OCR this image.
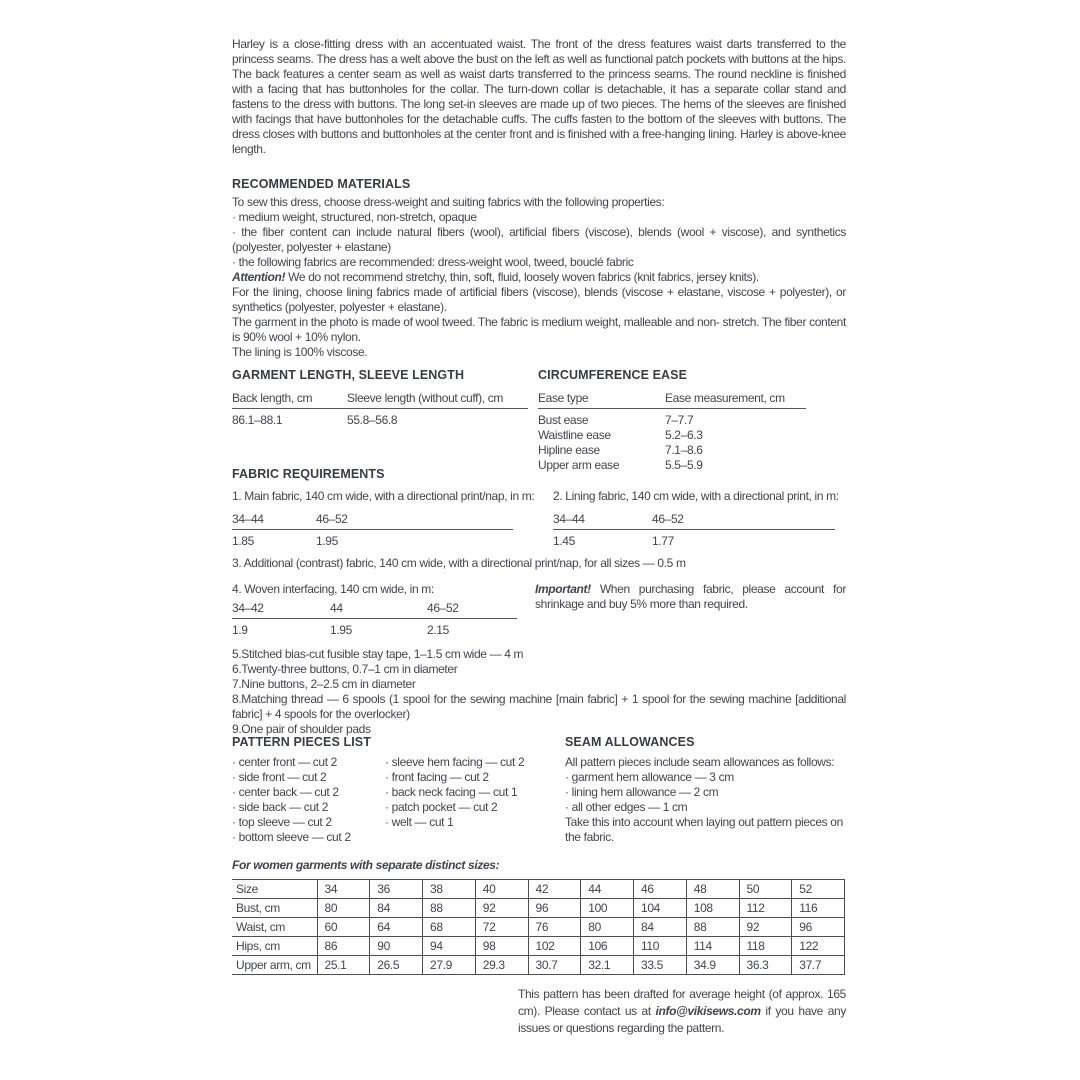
Harley is a close-fitting dress with an accentuated waist. The front of the dress features waist darts transferred to the princess seams. The dress has a welt above the bust on the left as well as functional patch pockets with buttons at the hips. The back features a center seam as well as waist darts transferred to the princess seams. The round neckline is finished with a facing that has buttonholes for the collar. The turn-down collar is detachable, it has a separate collar stand and fastens to the dress with buttons. The long set-in sleeves are made up of two pieces. The hems of the sleeves are finished with facings that have buttonholes for the detachable cuffs. The cuffs fasten to the bottom of the sleeves with buttons. The dress closes with buttons and buttonholes at the center front and is finished with a free-hanging lining. Harley is above-knee length.

RECOMMENDED MATERIALS

To sew this dress, choose dress-weight and suiting fabrics with the following properties:

· medium weight, structured, non-stretch, opaque

· the fiber content can include natural fibers (wool), artificial fibers (viscose), blends (wool + viscose), and synthetics (polyester, polyester + elastane)

· the following fabrics are recommended: dress-weight wool, tweed, bouclé fabric

Attention! We do not recommend stretchy, thin, soft, fluid, loosely woven fabrics (knit fabrics, jersey knits).

For the lining, choose lining fabrics made of artificial fibers (viscose), blends (viscose + elastane, viscose + polyester), or synthetics (polyester, polyester + elastane).

The garment in the photo is made of wool tweed. The fabric is medium weight, malleable and non- stretch. The fiber content is 90% wool + 10% nylon.

The lining is 100% viscose.

GARMENT LENGTH, SLEEVE LENGTH

Back length, cm	Sleeve length (without cuff), cm
86.1–88.1	55.8–56.8

CIRCUMFERENCE EASE

Ease type	Ease measurement, cm
Bust ease	7–7.7
Waistline ease	5.2–6.3
Hipline ease	7.1–8.6
Upper arm ease	5.5–5.9

FABRIC REQUIREMENTS

1. Main fabric, 140 cm wide, with a directional print/nap, in m:

34–44	46–52
1.85	1.95

2. Lining fabric, 140 cm wide, with a directional print, in m:

34–44	46–52
1.45	1.77

3. Additional (contrast) fabric, 140 cm wide, with a directional print/nap, for all sizes — 0.5 m

4. Woven interfacing, 140 cm wide, in m:

34–42	44	46–52
1.9	1.95	2.15

Important! When purchasing fabric, please account for shrinkage and buy 5% more than required.

5.Stitched bias-cut fusible stay tape, 1–1.5 cm wide — 4 m

6.Twenty-three buttons, 0.7–1 cm in diameter

7.Nine buttons, 2–2.5 cm in diameter

8.Matching thread — 6 spools (1 spool for the sewing machine [main fabric] + 1 spool for the sewing machine [additional fabric] + 4 spools for the overlocker)

9.One pair of shoulder pads

PATTERN PIECES LIST

· center front — cut 2
· side front — cut 2
· center back — cut 2
· side back — cut 2
· top sleeve — cut 2
· bottom sleeve — cut 2
· sleeve hem facing — cut 2
· front facing — cut 2
· back neck facing — cut 1
· patch pocket — cut 2
· welt — cut 1

SEAM ALLOWANCES

All pattern pieces include seam allowances as follows:
· garment hem allowance — 3 cm
· lining hem allowance — 2 cm
· all other edges — 1 cm
Take this into account when laying out pattern pieces on the fabric.

For women garments with separate distinct sizes:

Size	34	36	38	40	42	44	46	48	50	52
Bust, cm	80	84	88	92	96	100	104	108	112	116
Waist, cm	60	64	68	72	76	80	84	88	92	96
Hips, cm	86	90	94	98	102	106	110	114	118	122
Upper arm, cm	25.1	26.5	27.9	29.3	30.7	32.1	33.5	34.9	36.3	37.7

This pattern has been drafted for average height (of approx. 165 cm). Please contact us at info@vikisews.com if you have any issues or questions regarding the pattern.
